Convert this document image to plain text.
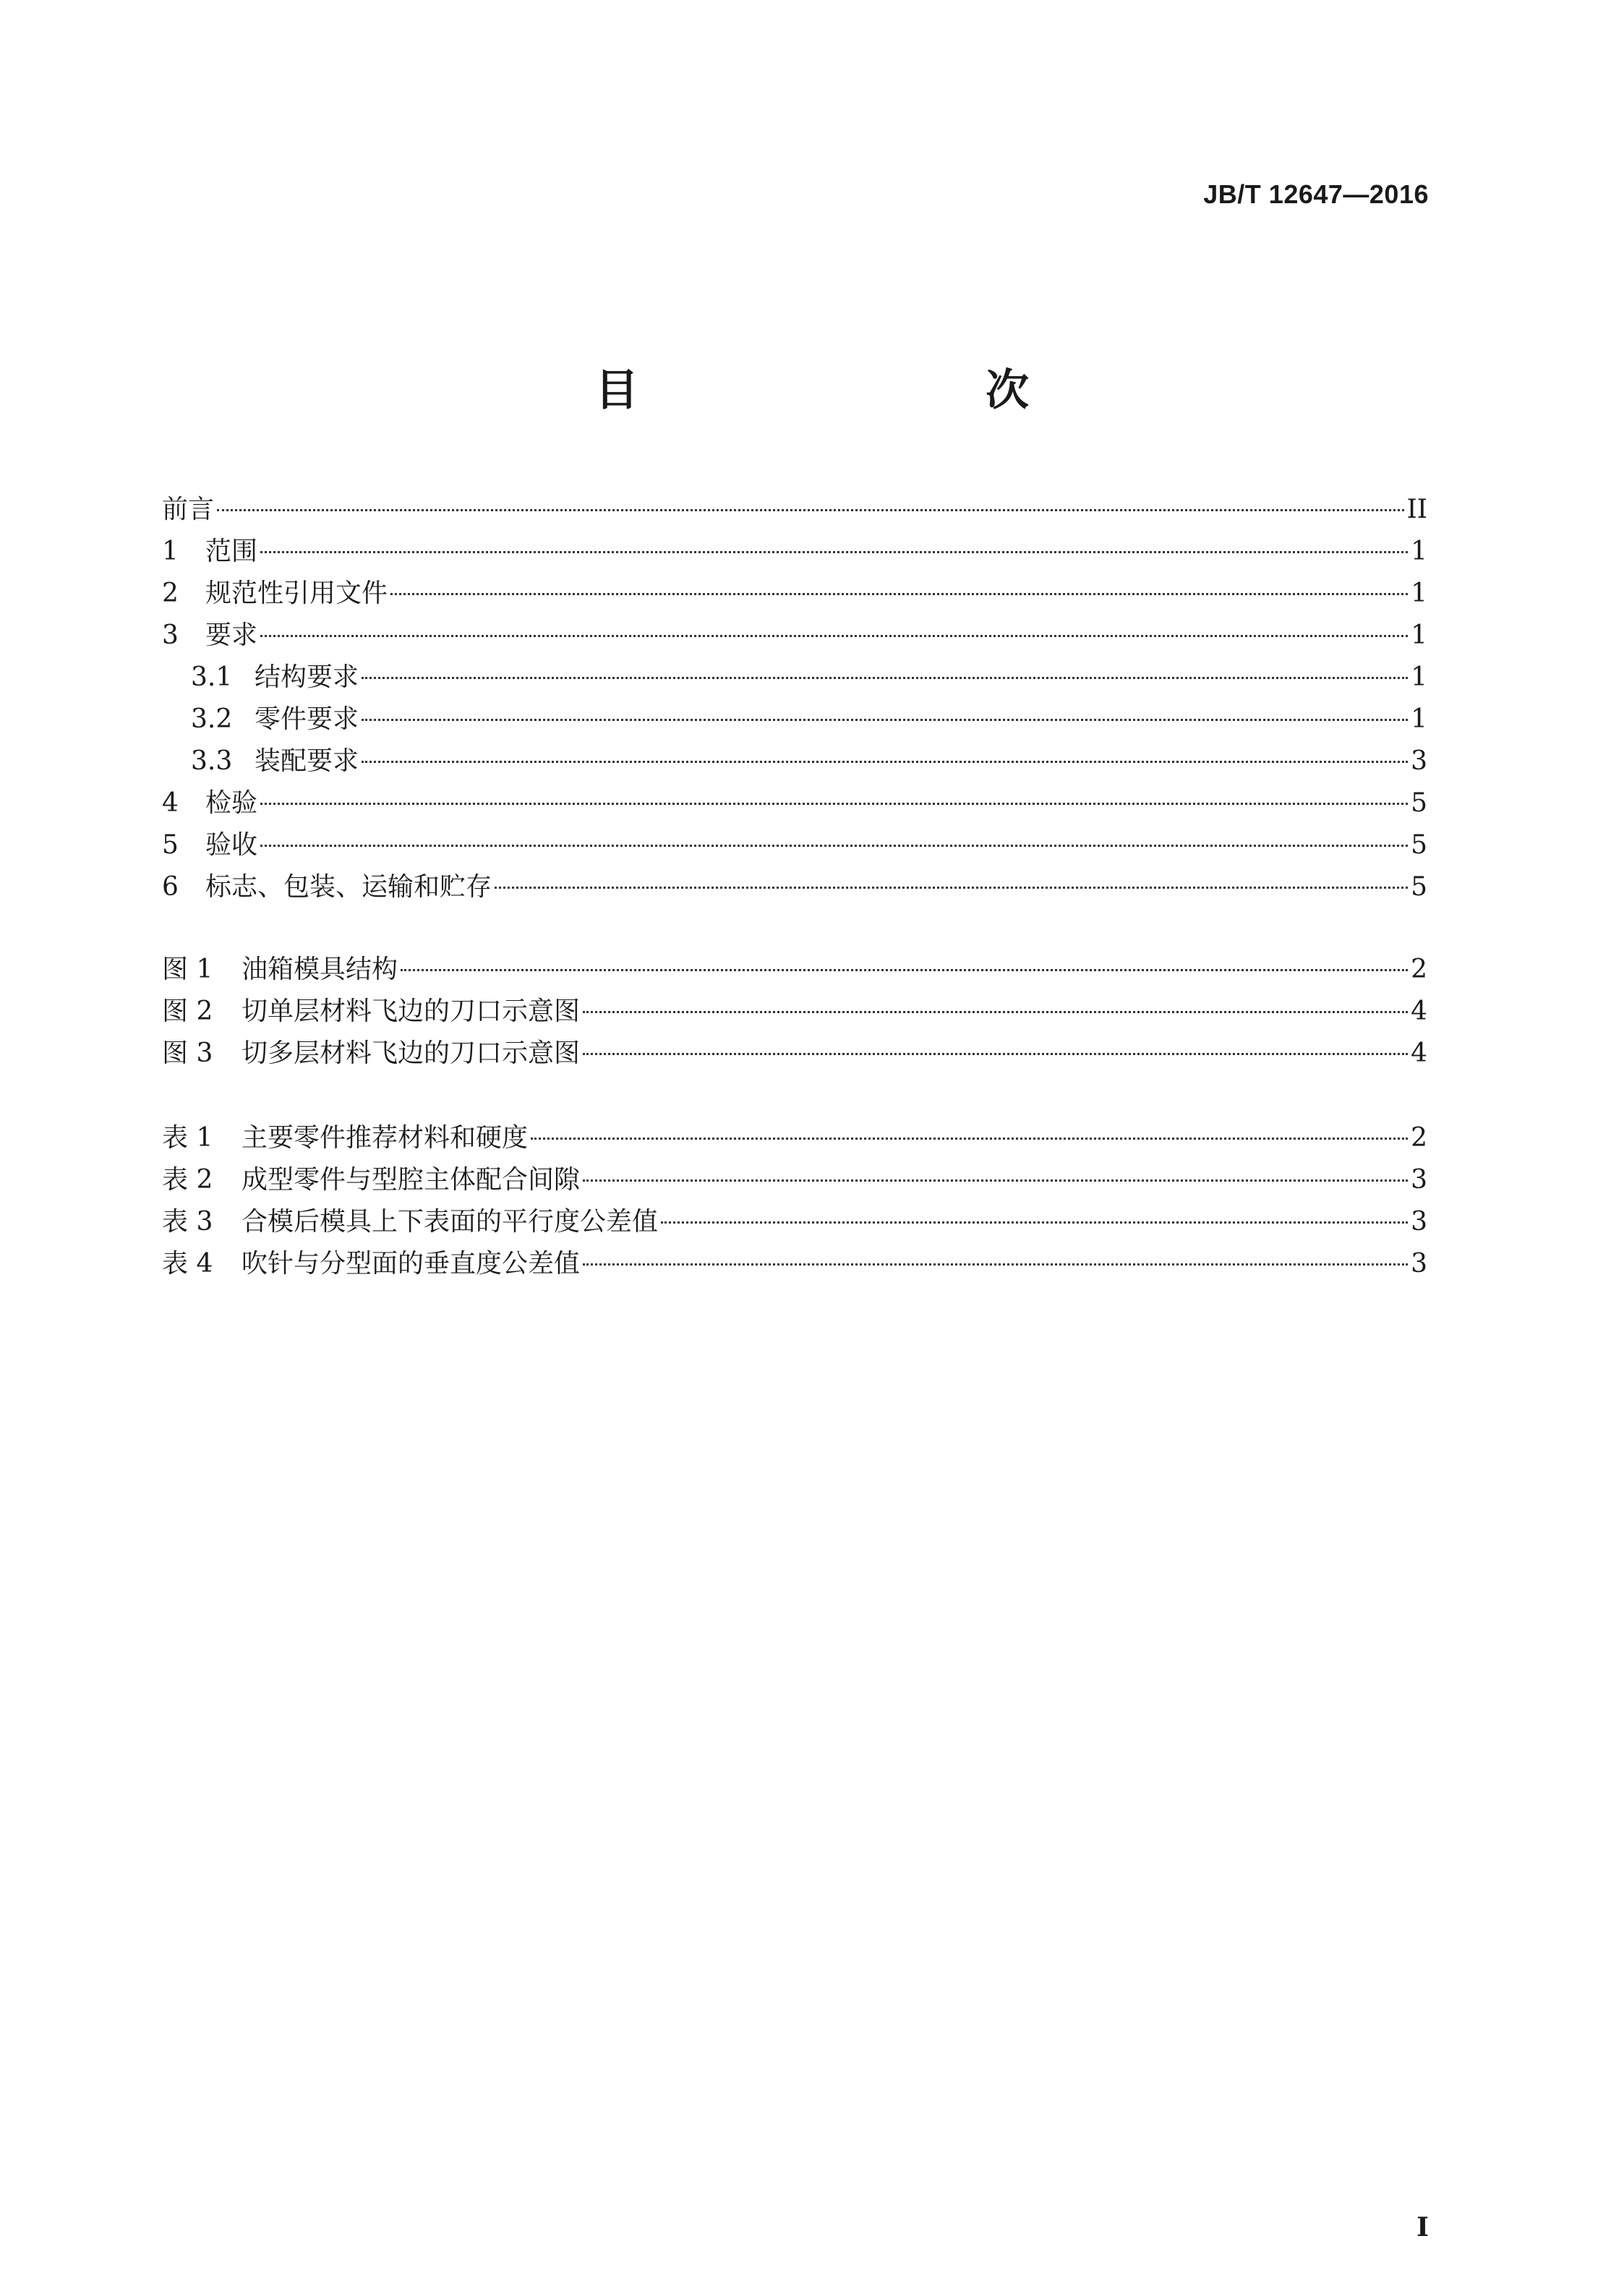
JB/T 12647—2016
目　　次
前言	II
1 范围	1
2 规范性引用文件	1
3 要求	1
3.1 结构要求	1
3.2 零件要求	1
3.3 装配要求	3
4 检验	5
5 验收	5
6 标志、包装、运输和贮存	5
图 1 油箱模具结构	2
图 2 切单层材料飞边的刀口示意图	4
图 3 切多层材料飞边的刀口示意图	4
表 1 主要零件推荐材料和硬度	2
表 2 成型零件与型腔主体配合间隙	3
表 3 合模后模具上下表面的平行度公差值	3
表 4 吹针与分型面的垂直度公差值	3
I
